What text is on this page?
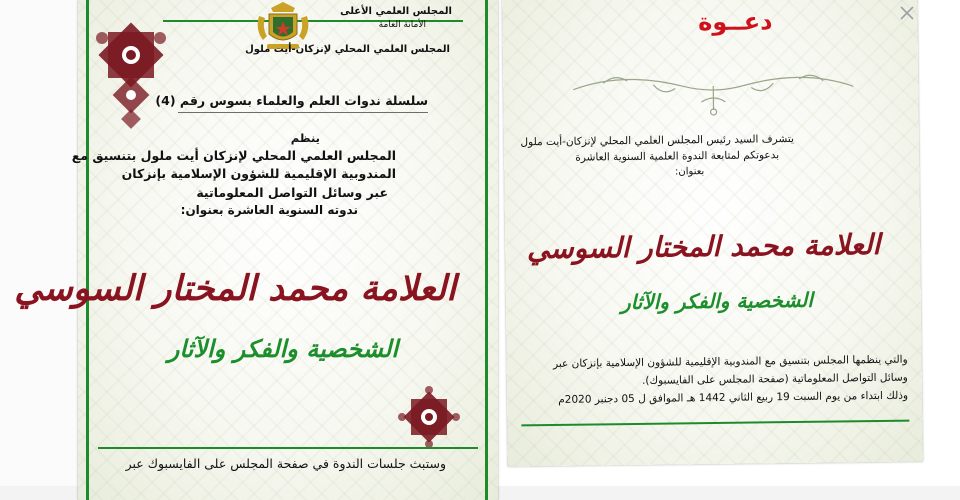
المجلس العلمي الأعلى
الأمانة العامة
المجلس العلمي المحلي لإنزكان-أيت ملول
سلسلة ندوات العلم والعلماء بسوس رقم (4)
ينظم
المجلس العلمي المحلي لإنزكان أيت ملول بتنسيق مع
المندوبية الإقليمية للشؤون الإسلامية بإنزكان
عبر وسائل التواصل المعلوماتية
ندوته السنوية العاشرة بعنوان:
العلامة محمد المختار السوسي
الشخصية والفكر والآثار
وستبث جلسات الندوة في صفحة المجلس على الفايسبوك عبر
دعــوة
يتشرف السيد رئيس المجلس العلمي المحلي لإنزكان-أيت ملول
بدعوتكم لمتابعة الندوة العلمية السنوية العاشرة
بعنوان:
العلامة محمد المختار السوسي
الشخصية والفكر والآثار
والتي ينظمها المجلس بتنسيق مع المندوبية الإقليمية للشؤون الإسلامية بإنزكان عبر
وسائل التواصل المعلوماتية (صفحة المجلس على الفايسبوك).
وذلك ابتداء من يوم السبت 19 ربيع الثاني 1442 هـ الموافق ل 05 دجنبر 2020م
